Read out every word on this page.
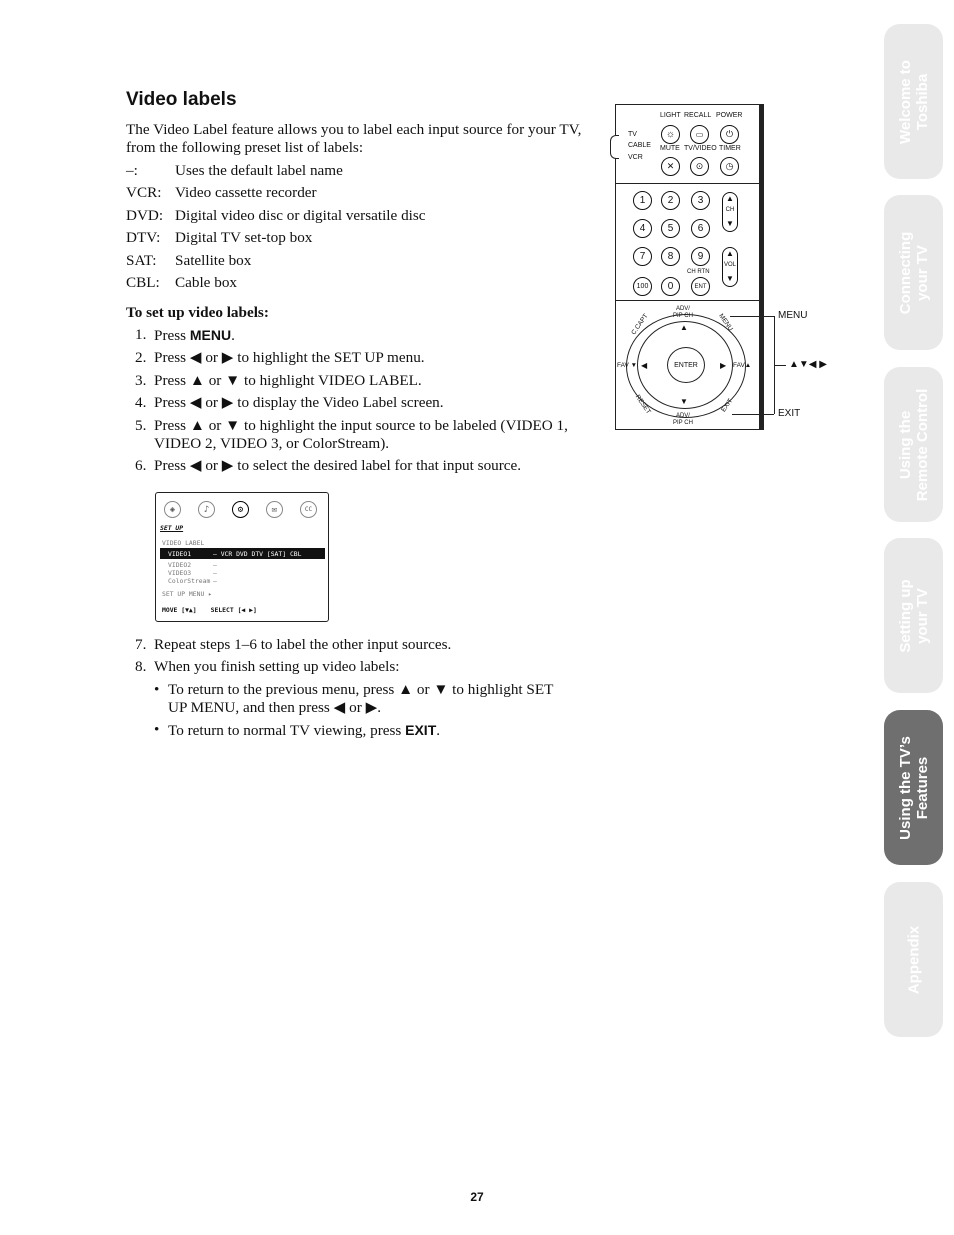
Video labels

The Video Label feature allows you to label each input source for your TV, from the following preset list of labels:

–: Uses the default label name
VCR: Video cassette recorder
DVD: Digital video disc or digital versatile disc
DTV: Digital TV set-top box
SAT: Satellite box
CBL: Cable box
To set up video labels:
1. Press MENU.
2. Press ◀ or ▶ to highlight the SET UP menu.
3. Press ▲ or ▼ to highlight VIDEO LABEL.
4. Press ◀ or ▶ to display the Video Label screen.
5. Press ▲ or ▼ to highlight the input source to be labeled (VIDEO 1, VIDEO 2, VIDEO 3, or ColorStream).
6. Press ◀ or ▶ to select the desired label for that input source.
◈	♪	⚙	✉	CC
SET UP
VIDEO LABEL
VIDEO1	– VCR DVD DTV [SAT] CBL
VIDEO2	–
VIDEO3	–
ColorStream –
SET UP MENU ▸
MOVE [▼▲] SELECT [◀ ▶]
7. Repeat steps 1–6 to label the other input sources.
8. When you finish setting up video labels:
• To return to the previous menu, press ▲ or ▼ to highlight SET UP MENU, and then press ◀ or ▶.
• To return to normal TV viewing, press EXIT.
LIGHT RECALL POWER
☼	▭	⏻
TV
CABLE
VCR
MUTE TV/VIDEO TIMER
✕	⊙	◷
1	2	3
4	5	6
7	8	9
100	0	ENT
▲
CH
▼
▲
VOL
▼
CH RTN
ADV/
PIP CH
ADV/
PIP CH
ENTER
▲
▼
◀	▶
C.CAPT	MENU
RESET	EXIT
FAV ▼	FAV▲
MENU
▲▼◀ ▶
EXIT
Welcome to Toshiba
Connecting your TV
Using the Remote Control
Setting up your TV
Using the TV’s Features
Appendix
27
